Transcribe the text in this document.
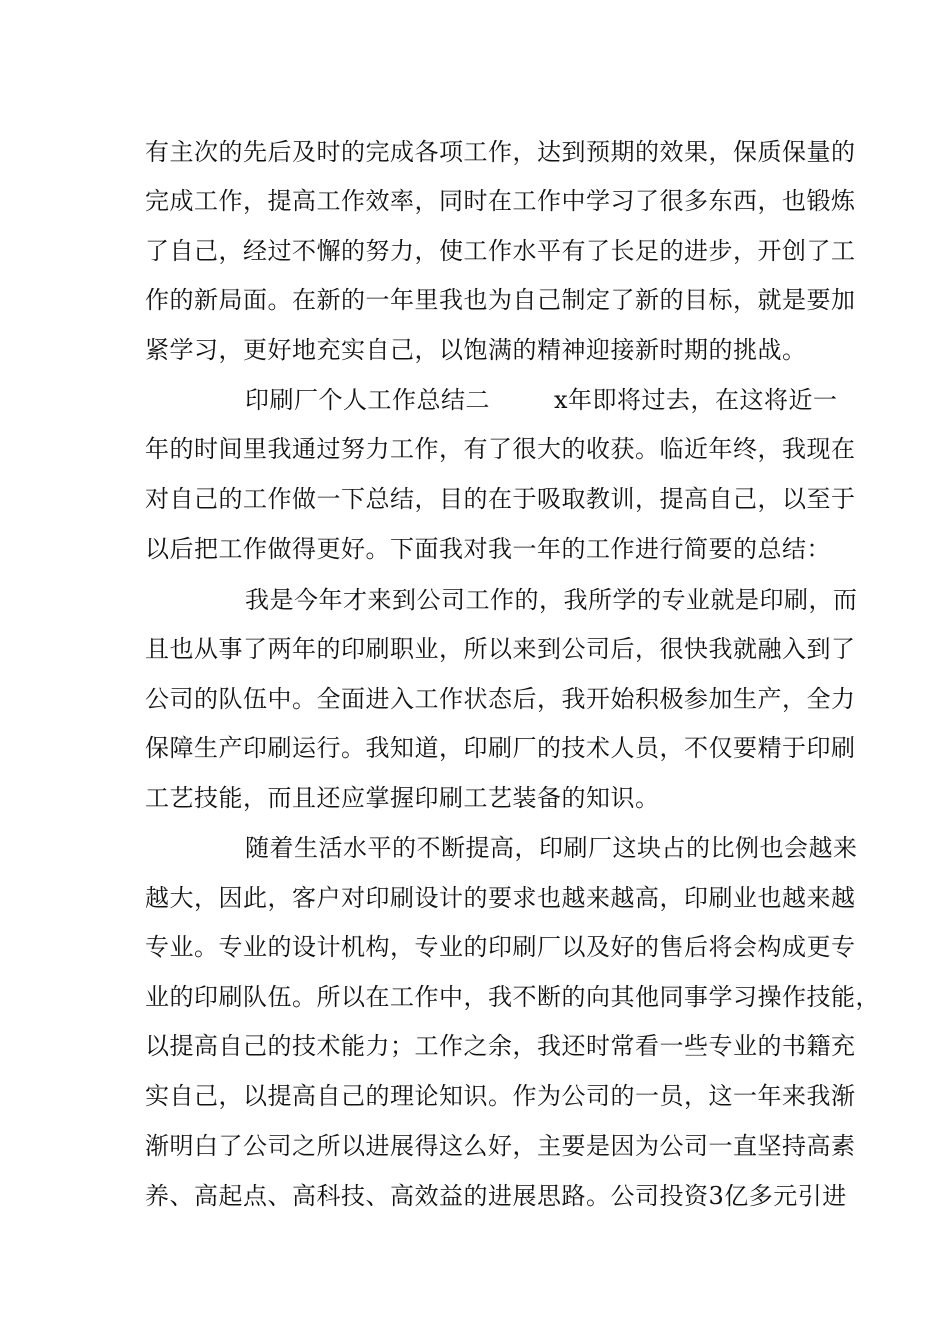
有主次的先后及时的完成各项工作，达到预期的效果，保质保量的
完成工作，提高工作效率，同时在工作中学习了很多东西，也锻炼
了自己，经过不懈的努力，使工作水平有了长足的进步，开创了工
作的新局面。在新的一年里我也为自己制定了新的目标，就是要加
紧学习，更好地充实自己，以饱满的精神迎接新时期的挑战。
印刷厂个人工作总结二	x年即将过去，在这将近一
年的时间里我通过努力工作，有了很大的收获。临近年终，我现在
对自己的工作做一下总结，目的在于吸取教训，提高自己，以至于
以后把工作做得更好。下面我对我一年的工作进行简要的总结：
我是今年才来到公司工作的，我所学的专业就是印刷，而
且也从事了两年的印刷职业，所以来到公司后，很快我就融入到了
公司的队伍中。全面进入工作状态后，我开始积极参加生产，全力
保障生产印刷运行。我知道，印刷厂的技术人员，不仅要精于印刷
工艺技能，而且还应掌握印刷工艺装备的知识。
随着生活水平的不断提高，印刷厂这块占的比例也会越来
越大，因此，客户对印刷设计的要求也越来越高，印刷业也越来越
专业。专业的设计机构，专业的印刷厂以及好的售后将会构成更专
业的印刷队伍。所以在工作中，我不断的向其他同事学习操作技能，
以提高自己的技术能力；工作之余，我还时常看一些专业的书籍充
实自己，以提高自己的理论知识。作为公司的一员，这一年来我渐
渐明白了公司之所以进展得这么好，主要是因为公司一直坚持高素
养、高起点、高科技、高效益的进展思路。公司投资3亿多元引进
